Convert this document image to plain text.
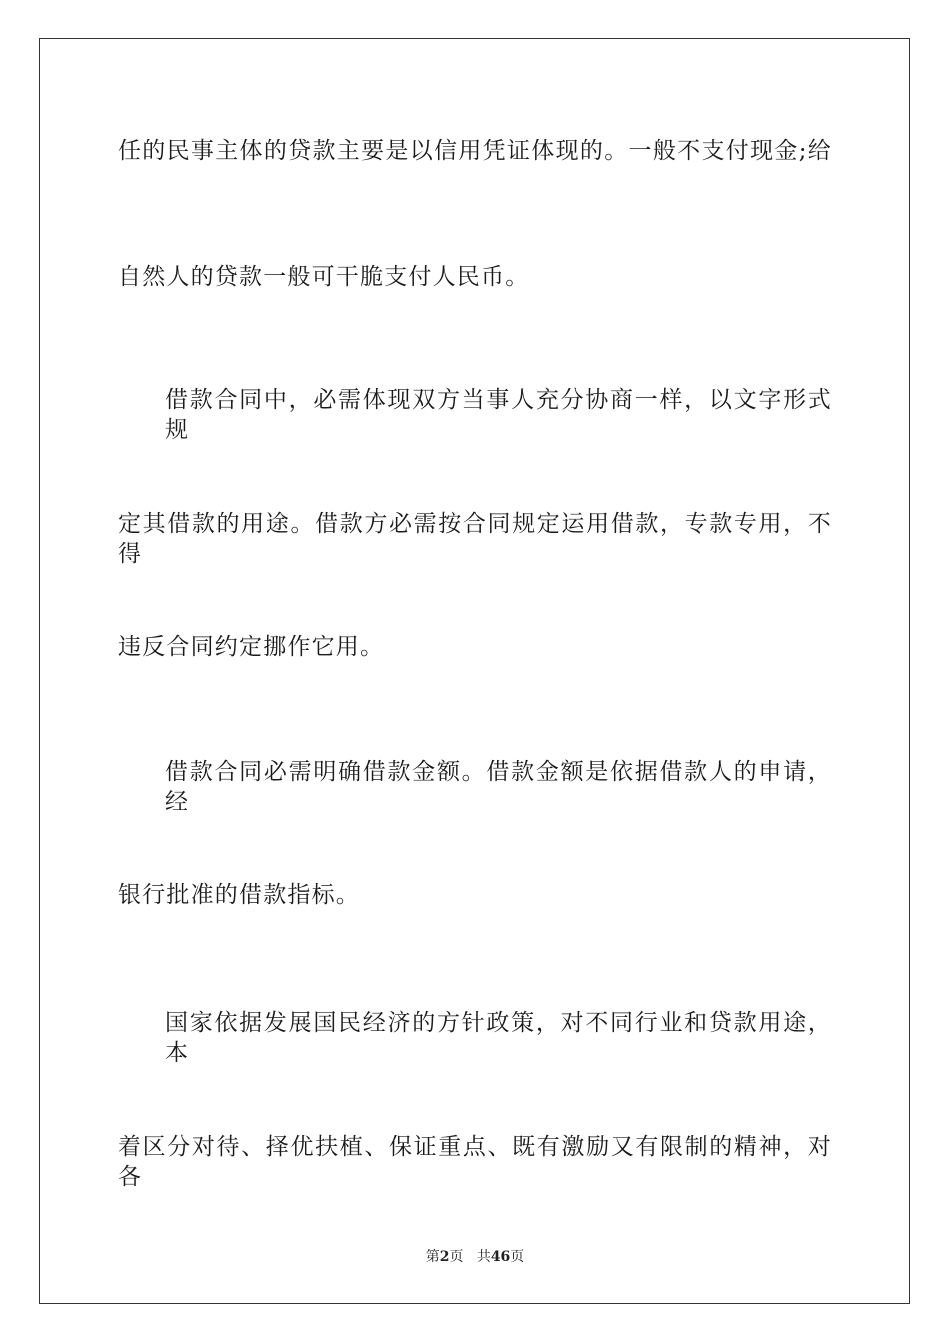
任的民事主体的贷款主要是以信用凭证体现的。一般不支付现金;给
自然人的贷款一般可干脆支付人民币。
借款合同中，必需体现双方当事人充分协商一样，以文字形式规
定其借款的用途。借款方必需按合同规定运用借款，专款专用，不得
违反合同约定挪作它用。
借款合同必需明确借款金额。借款金额是依据借款人的申请，经
银行批准的借款指标。
国家依据发展国民经济的方针政策，对不同行业和贷款用途，本
着区分对待、择优扶植、保证重点、既有激励又有限制的精神，对各
第2页 共46页
